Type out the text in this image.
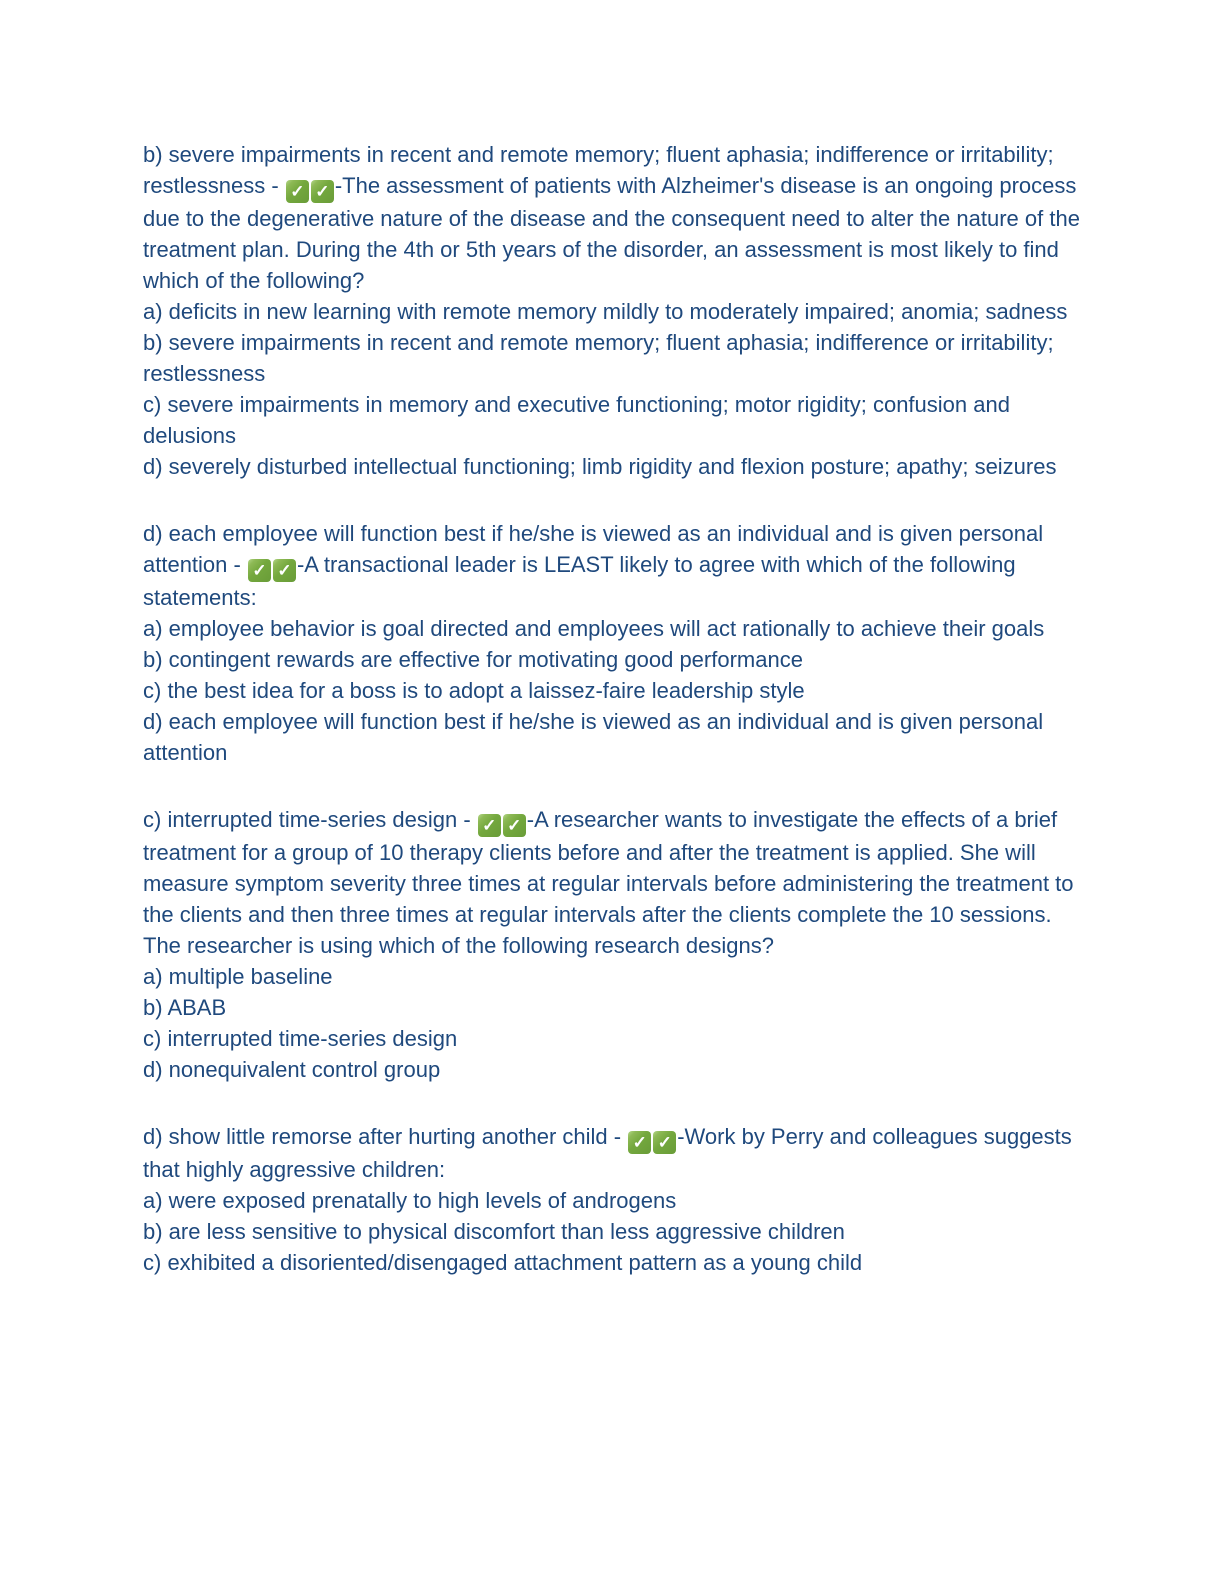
b) severe impairments in recent and remote memory; fluent aphasia; indifference or irritability; restlessness - ✓ ✓ -The assessment of patients with Alzheimer's disease is an ongoing process due to the degenerative nature of the disease and the consequent need to alter the nature of the treatment plan. During the 4th or 5th years of the disorder, an assessment is most likely to find which of the following?
a) deficits in new learning with remote memory mildly to moderately impaired; anomia; sadness
b) severe impairments in recent and remote memory; fluent aphasia; indifference or irritability; restlessness
c) severe impairments in memory and executive functioning; motor rigidity; confusion and delusions
d) severely disturbed intellectual functioning; limb rigidity and flexion posture; apathy; seizures
d) each employee will function best if he/she is viewed as an individual and is given personal attention - ✓ ✓ -A transactional leader is LEAST likely to agree with which of the following statements:
a) employee behavior is goal directed and employees will act rationally to achieve their goals
b) contingent rewards are effective for motivating good performance
c) the best idea for a boss is to adopt a laissez-faire leadership style
d) each employee will function best if he/she is viewed as an individual and is given personal attention
c) interrupted time-series design - ✓ ✓ -A researcher wants to investigate the effects of a brief treatment for a group of 10 therapy clients before and after the treatment is applied. She will measure symptom severity three times at regular intervals before administering the treatment to the clients and then three times at regular intervals after the clients complete the 10 sessions. The researcher is using which of the following research designs?
a) multiple baseline
b) ABAB
c) interrupted time-series design
d) nonequivalent control group
d) show little remorse after hurting another child - ✓ ✓ -Work by Perry and colleagues suggests that highly aggressive children:
a) were exposed prenatally to high levels of androgens
b) are less sensitive to physical discomfort than less aggressive children
c) exhibited a disoriented/disengaged attachment pattern as a young child
